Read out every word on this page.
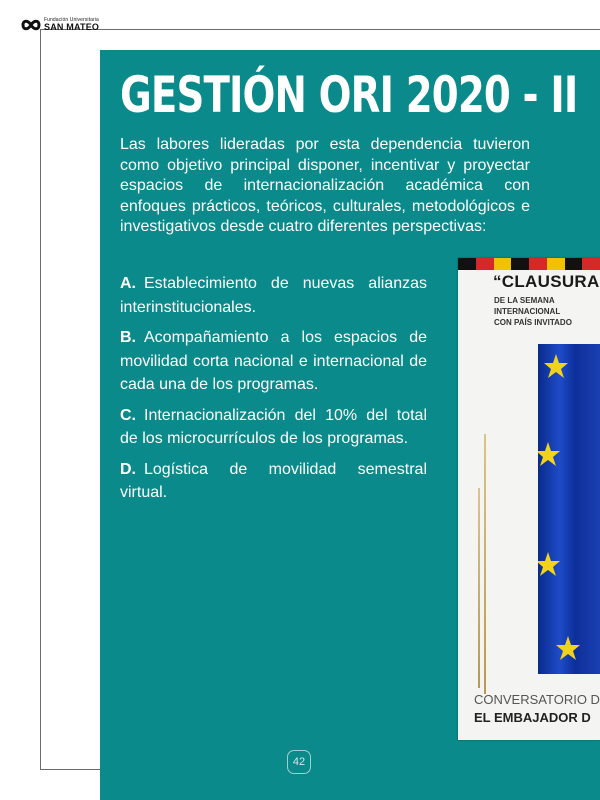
Fundación Universitaria
SAN MATEO
GESTIÓN ORI 2020 - II

Las labores lideradas por esta dependencia tuvieron como objetivo principal disponer, incentivar y proyectar espacios de internacionalización académica con enfoques prácticos, teóricos, culturales, metodológicos e investigativos desde cuatro diferentes perspectivas:

A. Establecimiento de nuevas alianzas interinstitucionales.
B. Acompañamiento a los espacios de movilidad corta nacional e internacional de cada una de los programas.
C. Internacionalización del 10% del total de los microcurrículos de los programas.
D. Logística de movilidad semestral virtual.

“CLAUSURA

DE LA SEMANA
INTERNACIONAL
CON PAÍS INVITADO

CONVERSATORIO D

EL EMBAJADOR D

42
